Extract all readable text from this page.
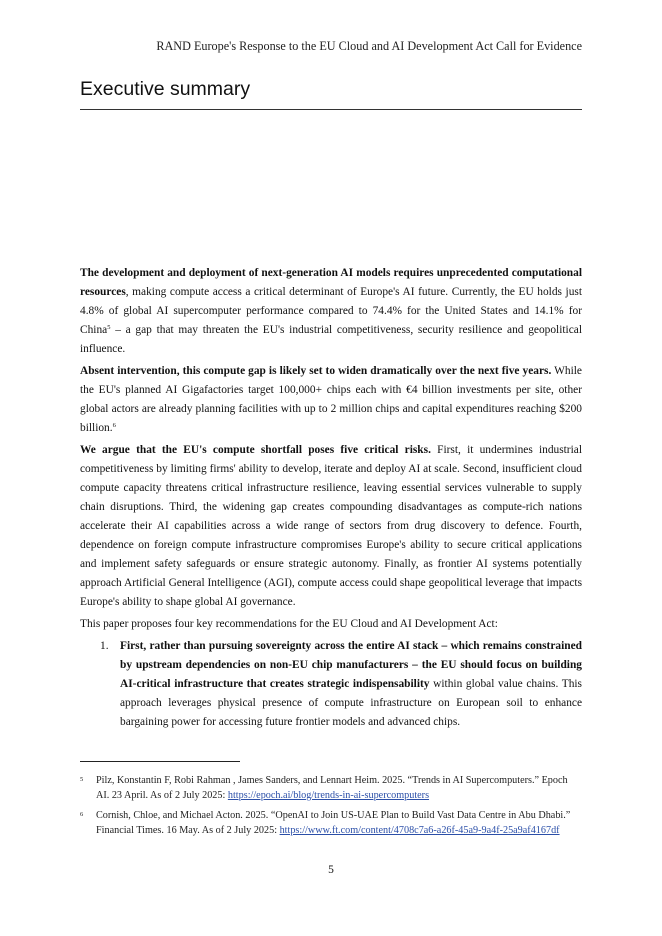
RAND Europe's Response to the EU Cloud and AI Development Act Call for Evidence
Executive summary

The development and deployment of next-generation AI models requires unprecedented computational resources, making compute access a critical determinant of Europe's AI future. Currently, the EU holds just 4.8% of global AI supercomputer performance compared to 74.4% for the United States and 14.1% for China$^5$ – a gap that may threaten the EU's industrial competitiveness, security resilience and geopolitical influence.

Absent intervention, this compute gap is likely set to widen dramatically over the next five years. While the EU's planned AI Gigafactories target 100,000+ chips each with €4 billion investments per site, other global actors are already planning facilities with up to 2 million chips and capital expenditures reaching $200 billion.$^6$

We argue that the EU's compute shortfall poses five critical risks. First, it undermines industrial competitiveness by limiting firms' ability to develop, iterate and deploy AI at scale. Second, insufficient cloud compute capacity threatens critical infrastructure resilience, leaving essential services vulnerable to supply chain disruptions. Third, the widening gap creates compounding disadvantages as compute-rich nations accelerate their AI capabilities across a wide range of sectors from drug discovery to defence. Fourth, dependence on foreign compute infrastructure compromises Europe's ability to secure critical applications and implement safety safeguards or ensure strategic autonomy. Finally, as frontier AI systems potentially approach Artificial General Intelligence (AGI), compute access could shape geopolitical leverage that impacts Europe's ability to shape global AI governance.

This paper proposes four key recommendations for the EU Cloud and AI Development Act:

1. First, rather than pursuing sovereignty across the entire AI stack – which remains constrained by upstream dependencies on non-EU chip manufacturers – the EU should focus on building AI-critical infrastructure that creates strategic indispensability within global value chains. This approach leverages physical presence of compute infrastructure on European soil to enhance bargaining power for accessing future frontier models and advanced chips.
5 Pilz, Konstantin F, Robi Rahman , James Sanders, and Lennart Heim. 2025. “Trends in AI Supercomputers.” Epoch AI. 23 April. As of 2 July 2025: https://epoch.ai/blog/trends-in-ai-supercomputers
6 Cornish, Chloe, and Michael Acton. 2025. “OpenAI to Join US-UAE Plan to Build Vast Data Centre in Abu Dhabi.” Financial Times. 16 May. As of 2 July 2025: https://www.ft.com/content/4708c7a6-a26f-45a9-9a4f-25a9af4167df
5
